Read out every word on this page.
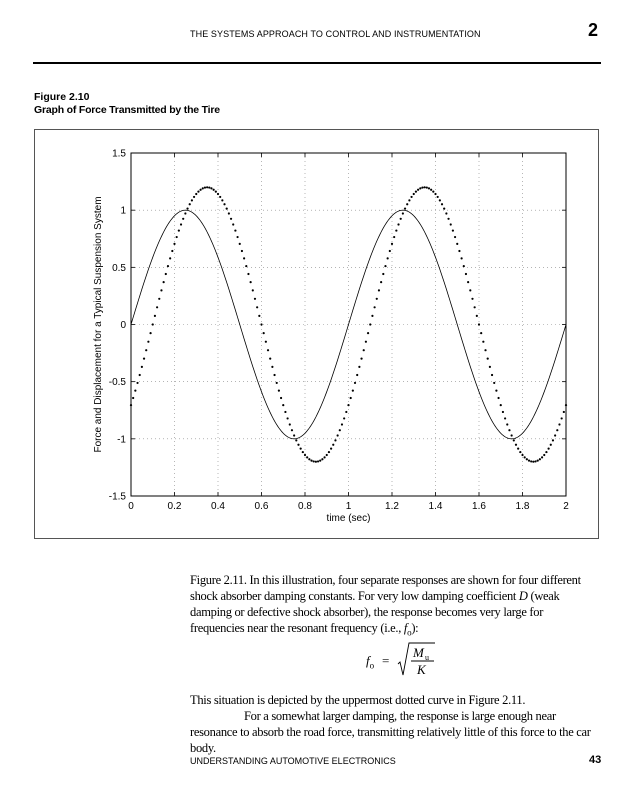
THE SYSTEMS APPROACH TO CONTROL AND INSTRUMENTATION	2
Figure 2.10
Graph of Force Transmitted by the Tire
0	0.2	0.4	0.6	0.8	1	1.2	1.4	1.6	1.8	2
1.5
1
0.5
0
-0.5
-1
-1.5
time (sec)
Force and Displacement for a Typical Suspension System
Figure 2.11. In this illustration, four separate responses are shown for four different shock absorber damping constants. For very low damping coefficient D (weak damping or defective shock absorber), the response becomes very large for frequencies near the resonant frequency (i.e., $f_o$):
$f_o$ =
M u
K
This situation is depicted by the uppermost dotted curve in Figure 2.11.
For a somewhat larger damping, the response is large enough near resonance to absorb the road force, transmitting relatively little of this force to the car body.
UNDERSTANDING AUTOMOTIVE ELECTRONICS	43
